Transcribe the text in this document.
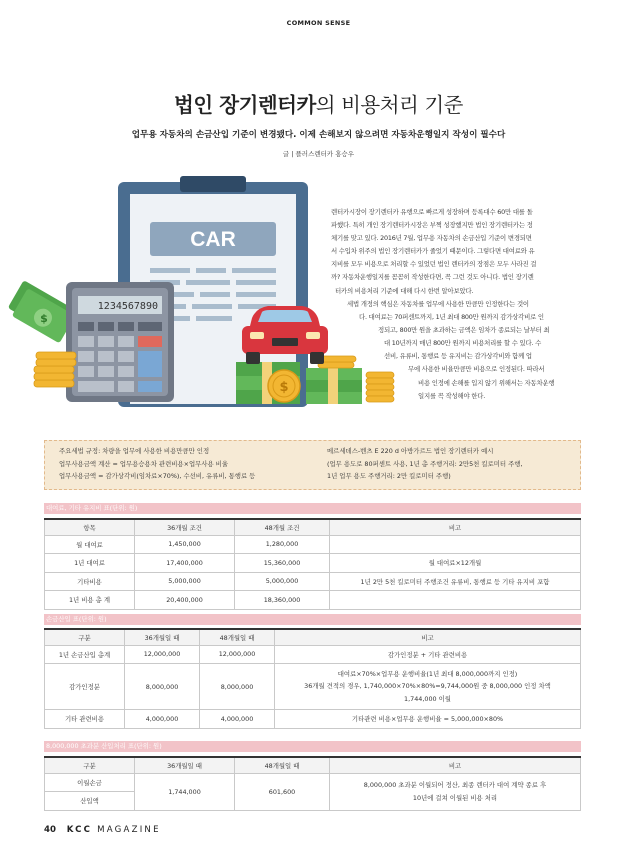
COMMON SENSE
법인 장기렌터카의 비용처리 기준
업무용 자동차의 손금산입 기준이 변경됐다. 이제 손해보지 않으려면 자동차운행일지 작성이 필수다
글 | 플러스렌터카 홍승우
CAR
$
1234567890
$

렌터카시장이 장기렌터카 유행으로 빠르게 성장하며 등록대수 60만 대를 돌

파했다. 특히 개인 장기렌터카시장은 부쩍 성장했지만 법인 장기렌터카는 정

체기를 맞고 있다. 2016년 7월, 업무용 자동차의 손금산입 기준이 변경되면

서 수입차 위주의 법인 장기렌터카가 줄었기 때문이다. 그렇다면 대여료와 유

지비를 모두 비용으로 처리할 수 있었던 법인 렌터카의 장점은 모두 사라진 걸

까? 자동차운행일지를 꼼꼼히 작성한다면, 꼭 그런 것도 아니다. 법인 장기렌

터카의 비용처리 기준에 대해 다시 한번 알아보았다.

세법 개정의 핵심은 자동차를 업무에 사용한 만큼만 인정한다는 것이

다. 대여료는 70퍼센트까지, 1년 최대 800만 원까지 감가상각비로 인

정되고, 800만 원을 초과하는 금액은 임차가 종료되는 날부터 최

대 10년까지 매년 800만 원까지 비용처리를 할 수 있다. 수

선비, 유류비, 통행료 등 유지비는 감가상각비와 함께 업

무에 사용한 비율만큼만 비용으로 인정된다. 따라서

비용 인정에 손해를 입지 않기 위해서는 자동차운행

일지를 꼭 작성해야 한다.

주요세법 규정: 차량을 업무에 사용한 비용만큼만 인정

업무사용금액 계산 = 업무용승용차 관련비용×업무사용 비율

업무사용금액 = 감가상각비(임차료×70%), 수선비, 유류비, 통행료 등

메르세데스-벤츠 E 220 d 아방가르드 법인 장기렌터카 예시

(업무 용도로 80퍼센트 사용, 1년 총 주행거리: 2만5천 킬로미터 주행,

1년 업무 용도 주행거리: 2만 킬로미터 주행)

대여료, 기타 유지비 표(단위: 원)
항목	36개월 조건	48개월 조건	비고
월 대여료	1,450,000	1,280,000	
1년 대여료	17,400,000	15,360,000	월 대여료×12개월
기타비용	5,000,000	5,000,000	1년 2만 5천 킬로미터 주행조건 유류비, 통행료 등 기타 유지비 포함
1년 비용 총 계	20,400,000	18,360,000	
손금산입 표(단위: 원)
구분	36개월일 때	48개월일 때	비고
1년 손금산입 총계	12,000,000	12,000,000	감가인정분 + 기타 관련비용
감가인정분	8,000,000	8,000,000	대여료×70%×업무용 운행비율(1년 최대 8,000,000까지 인정)
36개월 견적의 경우, 1,740,000×70%×80%=9,744,000원 중 8,000,000 인정 차액
1,744,000 이월

기타 관련비용	4,000,000	4,000,000	기타관련 비용×업무용 운행비율 = 5,000,000×80%
8,000,000 초과분 산입처리 표(단위: 원)
구분	36개월일 때	48개월일 때	비고
이월손금	1,744,000	601,600	8,000,000 초과분 이월되어 정산, 최종 렌터카 대여 계약 종료 후
10년에 걸쳐 이월된 비용 처리

산입액			
40 KCC MAGAZINE
